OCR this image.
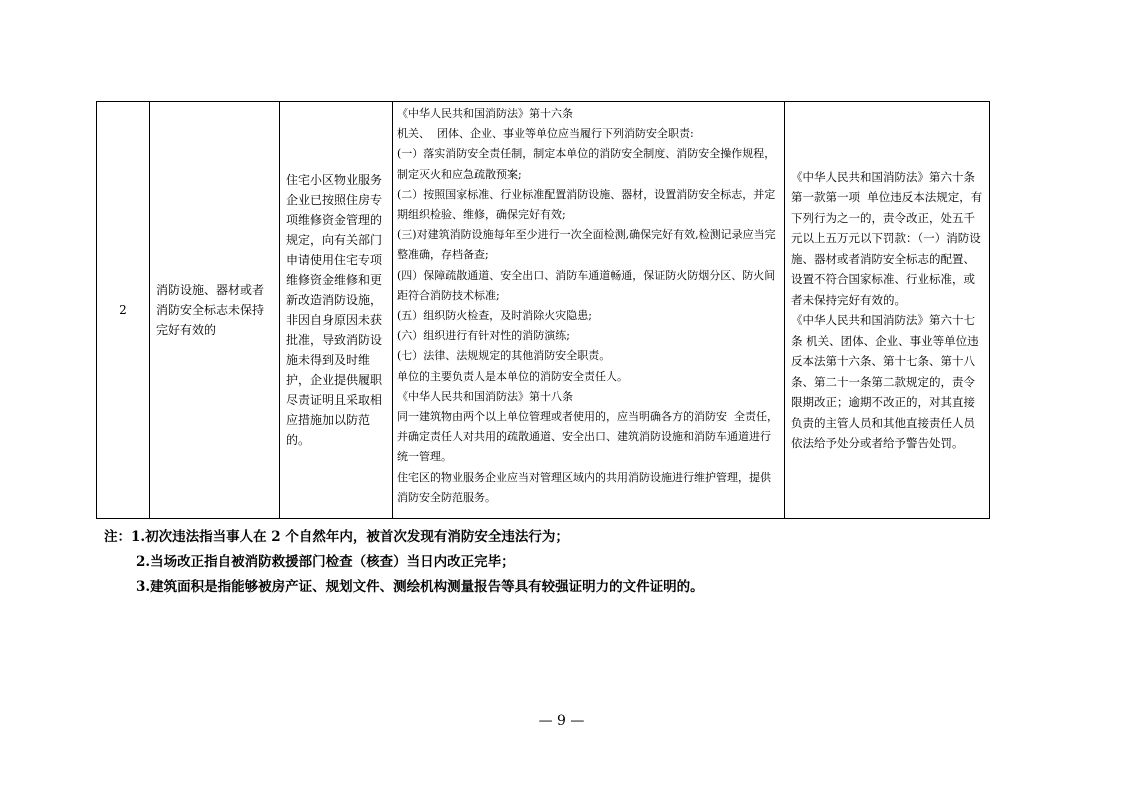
2
消防设施、器材或者消防安全标志未保持完好有效的
住宅小区物业服务企业已按照住房专项维修资金管理的规定，向有关部门申请使用住宅专项维修资金维修和更新改造消防设施，非因自身原因未获批准，导致消防设施未得到及时维护，企业提供履职尽责证明且采取相应措施加以防范的。

《中华人民共和国消防法》第十六条

机关、  团体、企业、事业等单位应当履行下列消防安全职责:

(一）落实消防安全责任制，制定本单位的消防安全制度、消防安全操作规程，制定灭火和应急疏散预案;

(二）按照国家标准、行业标准配置消防设施、器材，设置消防安全标志，并定期组织检验、维修，确保完好有效;

(三)对建筑消防设施每年至少进行一次全面检测,确保完好有效,检测记录应当完整准确，存档备查;

(四）保障疏散通道、安全出口、消防车通道畅通，保证防火防烟分区、防火间距符合消防技术标准;

(五）组织防火检查，及时消除火灾隐患;

(六）组织进行有针对性的消防演练;

(七）法律、法规规定的其他消防安全职责。

单位的主要负责人是本单位的消防安全责任人。

《中华人民共和国消防法》第十八条

同一建筑物由两个以上单位管理或者使用的，应当明确各方的消防安  全责任，并确定责任人对共用的疏散通道、安全出口、建筑消防设施和消防车通道进行统一管理。

住宅区的物业服务企业应当对管理区域内的共用消防设施进行维护管理，提供消防安全防范服务。

《中华人民共和国消防法》第六十条第一款第一项  单位违反本法规定，有下列行为之一的，责令改正，处五千元以上五万元以下罚款：（一）消防设施、器材或者消防安全标志的配置、设置不符合国家标准、行业标准，或者未保持完好有效的。

《中华人民共和国消防法》第六十七条 机关、团体、企业、事业等单位违反本法第十六条、第十七条、第十八条、第二十一条第二款规定的，责令限期改正；逾期不改正的，对其直接负责的主管人员和其他直接责任人员依法给予处分或者给予警告处罚。

注：1.初次违法指当事人在 2 个自然年内，被首次发现有消防安全违法行为；

2.当场改正指自被消防救援部门检查（核查）当日内改正完毕；

3.建筑面积是指能够被房产证、规划文件、测绘机构测量报告等具有较强证明力的文件证明的。

— 9 —
